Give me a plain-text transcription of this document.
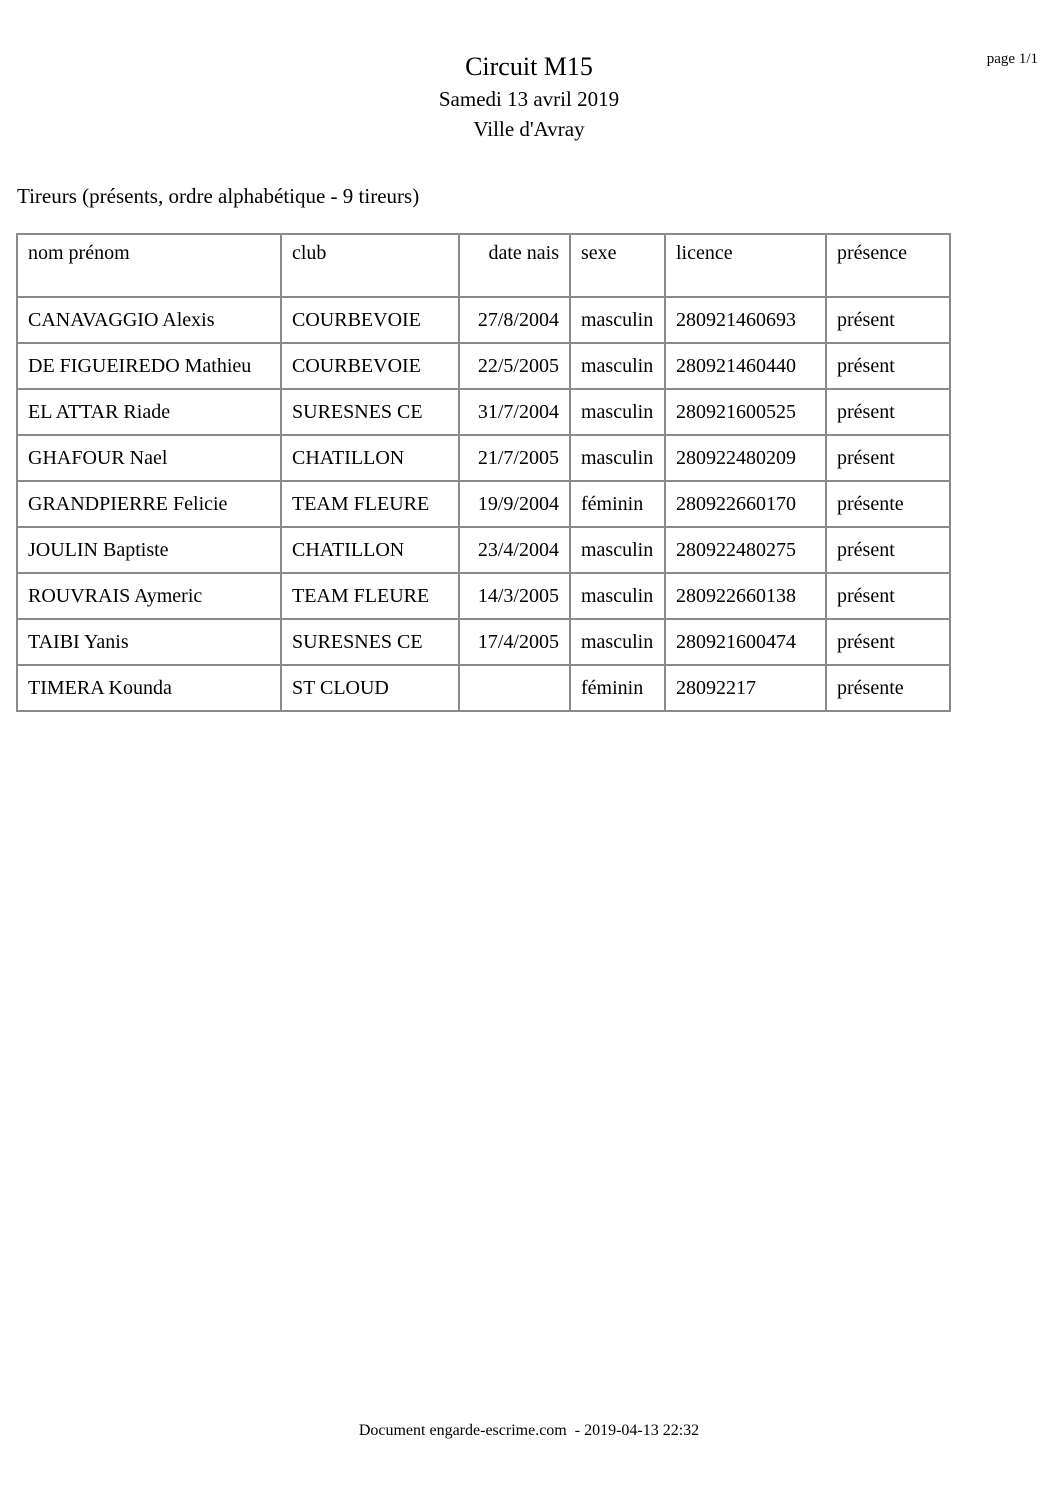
page 1/1
Circuit M15
Samedi 13 avril 2019
Ville d'Avray
Tireurs (présents, ordre alphabétique - 9 tireurs)
nom prénom	club	date nais	sexe	licence	présence
CANAVAGGIO Alexis	COURBEVOIE	27/8/2004	masculin	280921460693	présent
DE FIGUEIREDO Mathieu	COURBEVOIE	22/5/2005	masculin	280921460440	présent
EL ATTAR Riade	SURESNES CE	31/7/2004	masculin	280921600525	présent
GHAFOUR Nael	CHATILLON	21/7/2005	masculin	280922480209	présent
GRANDPIERRE Felicie	TEAM FLEURE	19/9/2004	féminin	280922660170	présente
JOULIN Baptiste	CHATILLON	23/4/2004	masculin	280922480275	présent
ROUVRAIS Aymeric	TEAM FLEURE	14/3/2005	masculin	280922660138	présent
TAIBI Yanis	SURESNES CE	17/4/2005	masculin	280921600474	présent
TIMERA Kounda	ST CLOUD		féminin	28092217	présente
Document engarde-escrime.com  - 2019-04-13 22:32
